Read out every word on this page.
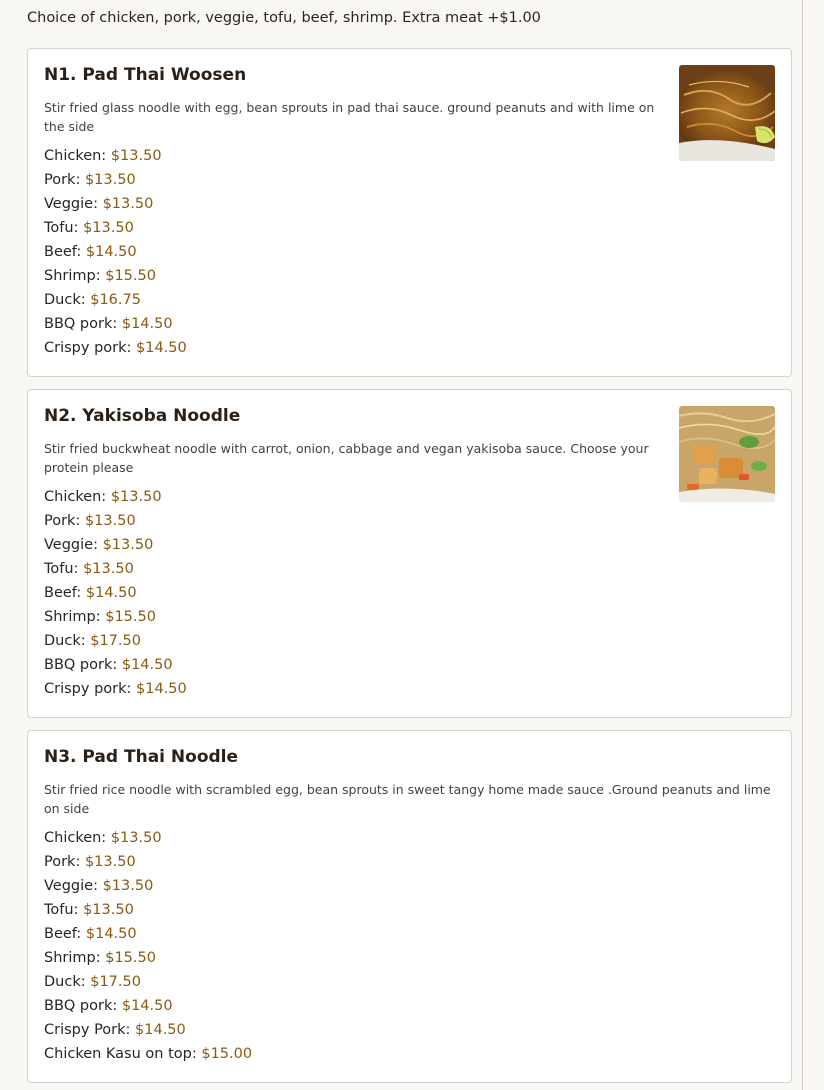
Choice of chicken, pork, veggie, tofu, beef, shrimp. Extra meat +$1.00
N1. Pad Thai Woosen
Stir fried glass noodle with egg, bean sprouts in pad thai sauce. ground peanuts and with lime on the side
Chicken: $13.50
Pork: $13.50
Veggie: $13.50
Tofu: $13.50
Beef: $14.50
Shrimp: $15.50
Duck: $16.75
BBQ pork: $14.50
Crispy pork: $14.50
N2. Yakisoba Noodle
Stir fried buckwheat noodle with carrot, onion, cabbage and vegan yakisoba sauce. Choose your protein please
Chicken: $13.50
Pork: $13.50
Veggie: $13.50
Tofu: $13.50
Beef: $14.50
Shrimp: $15.50
Duck: $17.50
BBQ pork: $14.50
Crispy pork: $14.50
N3. Pad Thai Noodle
Stir fried rice noodle with scrambled egg, bean sprouts in sweet tangy home made sauce .Ground peanuts and lime on side
Chicken: $13.50
Pork: $13.50
Veggie: $13.50
Tofu: $13.50
Beef: $14.50
Shrimp: $15.50
Duck: $17.50
BBQ pork: $14.50
Crispy Pork: $14.50
Chicken Kasu on top: $15.00
